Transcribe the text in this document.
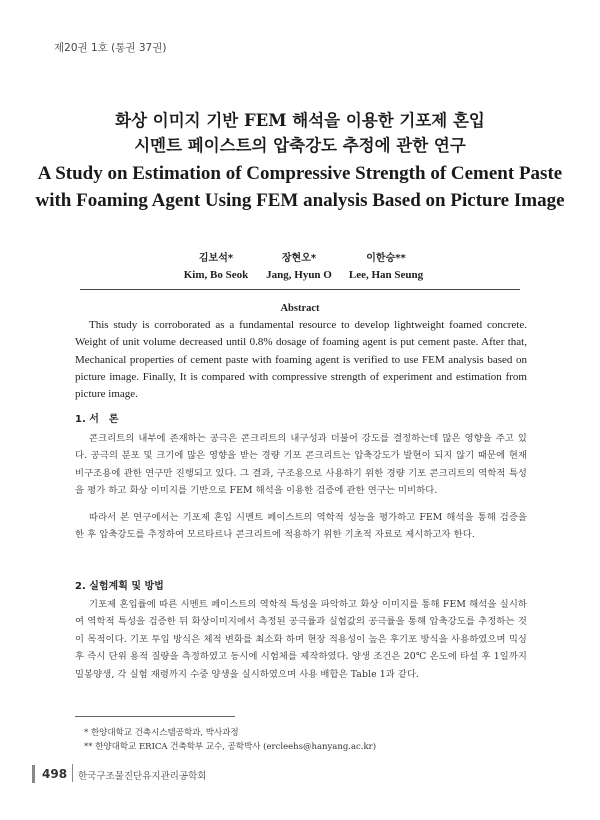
제20권 1호 (통권 37권)
화상 이미지 기반 FEM 해석을 이용한 기포제 혼입
시멘트 페이스트의 압축강도 추정에 관한 연구
A Study on Estimation of Compressive Strength of Cement Paste with Foaming Agent Using FEM analysis Based on Picture Image
김보석*
Kim, Bo Seok
장현오*
Jang, Hyun O
이한승**
Lee, Han Seung
Abstract

This study is corroborated as a fundamental resource to develop lightweight foamed concrete. Weight of unit volume decreased until 0.8% dosage of foaming agent is put cement paste. After that, Mechanical properties of cement paste with foaming agent is verified to use FEM analysis based on picture image. Finally, It is compared with compressive strength of experiment and estimation from picture image.

1. 서　론

콘크리트의 내부에 존재하는 공극은 콘크리트의 내구성과 더불어 강도를 결정하는데 많은 영향을 주고 있다. 공극의 분포 및 크기에 많은 영향을 받는 경량 기포 콘크리트는 압축강도가 발현이 되지 않기 때문에 현재 비구조용에 관한 연구만 진행되고 있다. 그 결과, 구조용으로 사용하기 위한 경량 기포 콘크리트의 역학적 특성을 평가 하고 화상 이미지를 기반으로 FEM 해석을 이용한 검증에 관한 연구는 미비하다.

따라서 본 연구에서는 기포제 혼입 시멘트 페이스트의 역학적 성능을 평가하고 FEM 해석을 통해 검증을 한 후 압축강도를 추정하여 모르타르나 콘크리트에 적용하기 위한 기초적 자료로 제시하고자 한다.

2. 실험계획 및 방법

기포제 혼입률에 따른 시멘트 페이스트의 역학적 특성을 파악하고 화상 이미지를 통해 FEM 해석을 실시하여 역학적 특성을 검증한 뒤 화상이미지에서 측정된 공극률과 실험값의 공극률을 통해 압축강도를 추정하는 것이 목적이다. 기포 투입 방식은 체적 변화를 최소화 하며 현장 적용성이 높은 후기포 방식을 사용하였으며 믹싱 후 즉시 단위 용적 질량을 측정하였고 동시에 시험체를 제작하였다. 양생 조건은 20℃ 온도에 타설 후 1일까지 밀봉양생, 각 실험 재령까지 수중 양생을 실시하였으며 사용 배합은 Table 1과 같다.

* 한양대학교 건축시스템공학과, 박사과정
** 한양대학교 ERICA 건축학부 교수, 공학박사 (ercleehs@hanyang.ac.kr)
498 한국구조물진단유지관리공학회
